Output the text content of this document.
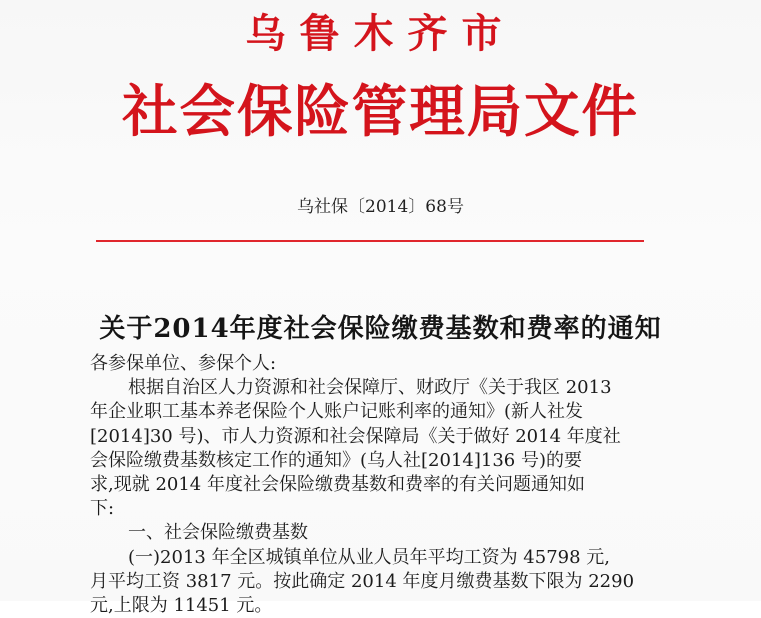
乌鲁木齐市
社会保险管理局文件
乌社保〔2014〕68号
关于2014年度社会保险缴费基数和费率的通知
各参保单位、参保个人:
根据自治区人力资源和社会保障厅、财政厅《关于我区 2013
年企业职工基本养老保险个人账户记账利率的通知》(新人社发
[2014]30 号)、市人力资源和社会保障局《关于做好 2014 年度社
会保险缴费基数核定工作的通知》(乌人社[2014]136 号)的要
求,现就 2014 年度社会保险缴费基数和费率的有关问题通知如
下:
一、社会保险缴费基数
(一)2013 年全区城镇单位从业人员年平均工资为 45798 元,
月平均工资 3817 元。按此确定 2014 年度月缴费基数下限为 2290
元,上限为 11451 元。
